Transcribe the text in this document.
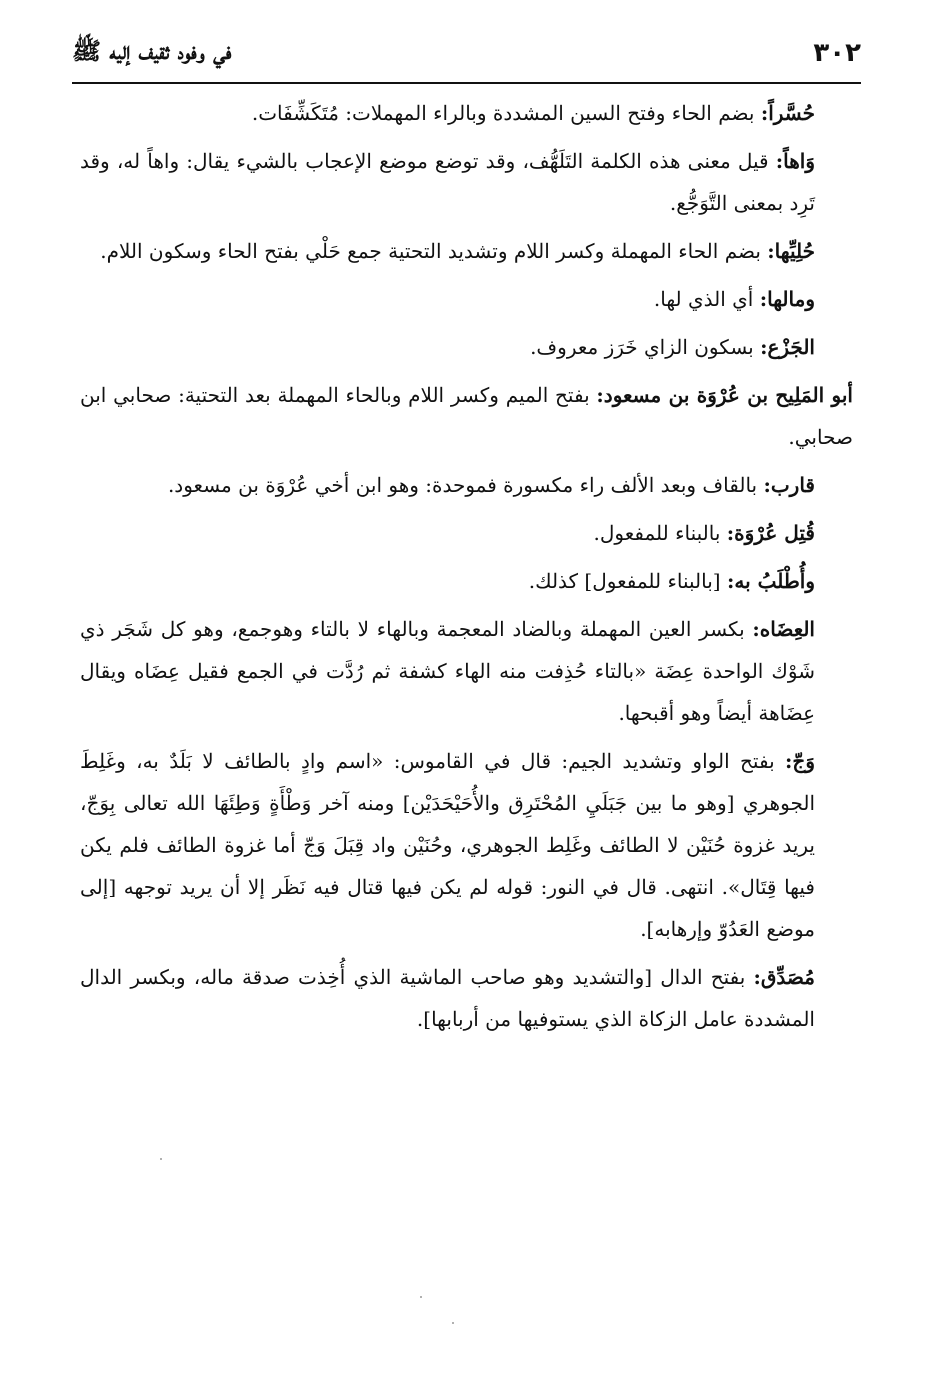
٣٠٢
في وفود ثقيف إليه ﷺ

حُسَّراً: بضم الحاء وفتح السين المشددة وبالراء المهملات: مُتَكَشِّفَات.

وَاهاً: قيل معنى هذه الكلمة التَلَهُّف، وقد توضع موضع الإعجاب بالشيء يقال: واهاً له، وقد تَرِد بمعنى التَّوَجُّع.

حُلِيِّها: بضم الحاء المهملة وكسر اللام وتشديد التحتية جمع حَلْي بفتح الحاء وسكون اللام.

ومالها: أي الذي لها.

الجَزْع: بسكون الزاي خَرَز معروف.

أبو المَلِيح بن عُرْوَة بن مسعود: بفتح الميم وكسر اللام وبالحاء المهملة بعد التحتية: صحابي ابن صحابي.

قارب: بالقاف وبعد الألف راء مكسورة فموحدة: وهو ابن أخي عُرْوَة بن مسعود.

قُتِل عُرْوَة: بالبناء للمفعول.

وأُطْلَبُ به: [بالبناء للمفعول] كذلك.

العِضَاه: بكسر العين المهملة وبالضاد المعجمة وبالهاء لا بالتاء وهوجمع، وهو كل شَجَر ذي شَوْك الواحدة عِضَة «بالتاء حُذِفت منه الهاء كشفة ثم رُدَّت في الجمع فقيل عِضَاه ويقال عِضَاهة أيضاً وهو أقبحها.

وَجّ: بفتح الواو وتشديد الجيم: قال في القاموس: «اسم وادٍ بالطائف لا بَلَدٌ به، وغَلِطَ الجوهري [وهو ما بين جَبَلَيِ المُحْتَرِق والأُحَيْحَدَيْن] ومنه آخر وَطْأَةٍ وَطِئَهَا الله تعالى بِوَجّ، يريد غزوة حُنَيْن لا الطائف وغَلِط الجوهري، وحُنَيْن واد قِبَلَ وَجّ أما غزوة الطائف فلم يكن فيها قِتَال». انتهى. قال في النور: قوله لم يكن فيها قتال فيه نَظَر إلا أن يريد توجهه [إلى موضع العَدُوّ وإرهابه].

مُصَدِّق: بفتح الدال [والتشديد وهو صاحب الماشية الذي أُخِذت صدقة ماله، وبكسر الدال المشددة عامل الزكاة الذي يستوفيها من أربابها].
